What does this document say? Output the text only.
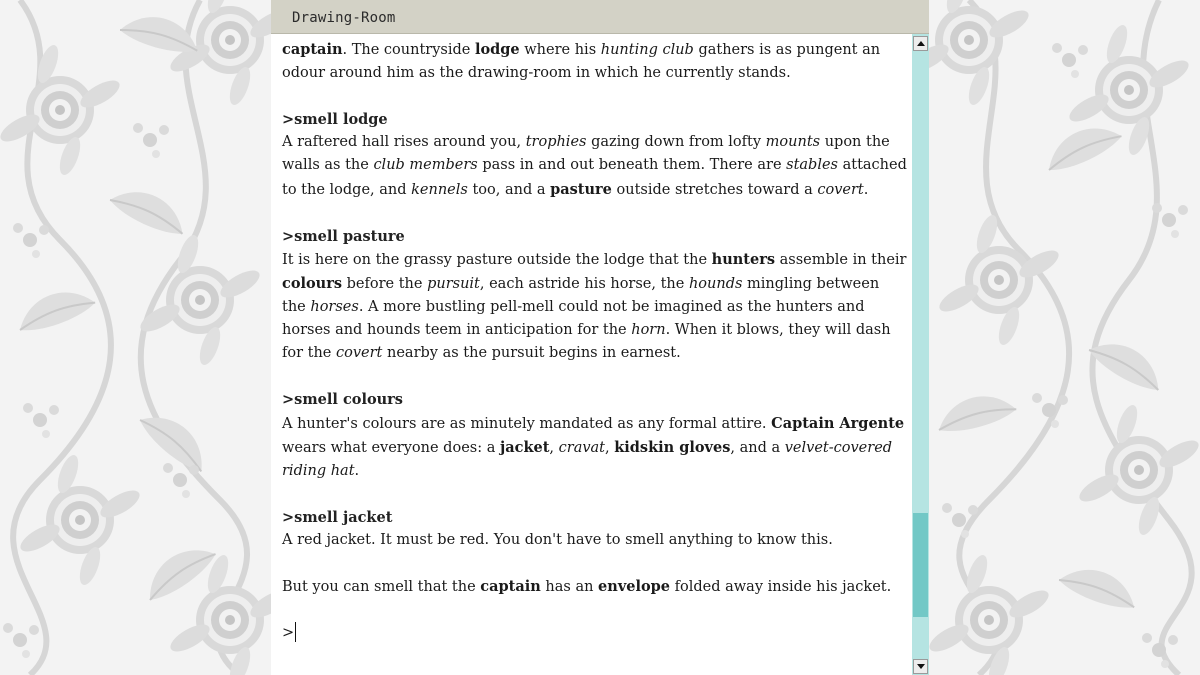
Drawing-Room

captain. The countryside lodge where his hunting club gathers is as pungent an odour around him as the drawing-room in which he currently stands.

>smell lodge

A raftered hall rises around you, trophies gazing down from lofty mounts upon the walls as the club members pass in and out beneath them. There are stables attached to the lodge, and kennels too, and a pasture outside stretches toward a covert.

>smell pasture

It is here on the grassy pasture outside the lodge that the hunters assemble in their colours before the pursuit, each astride his horse, the hounds mingling between the horses. A more bustling pell-mell could not be imagined as the hunters and horses and hounds teem in anticipation for the horn. When it blows, they will dash for the covert nearby as the pursuit begins in earnest.

>smell colours

A hunter's colours are as minutely mandated as any formal attire. Captain Argente wears what everyone does: a jacket, cravat, kidskin gloves, and a velvet-covered riding hat.

>smell jacket

A red jacket. It must be red. You don't have to smell anything to know this.

But you can smell that the captain has an envelope folded away inside his jacket.

>
